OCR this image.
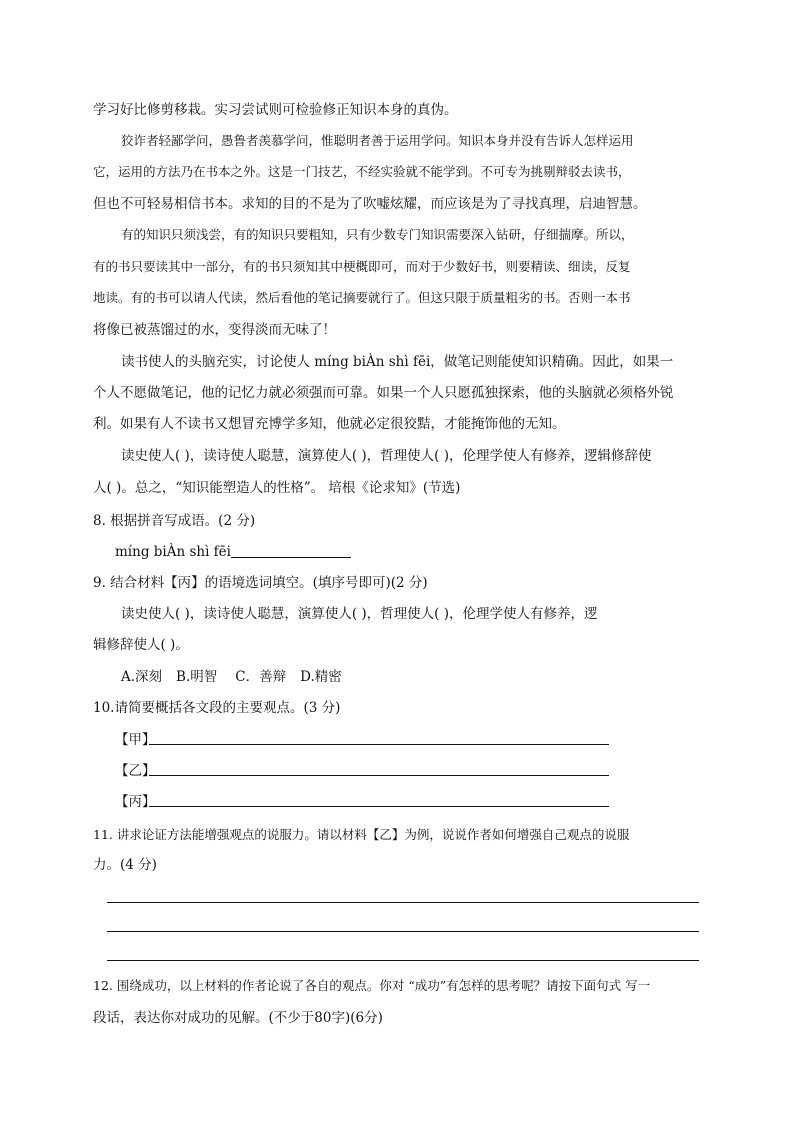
学习好比修剪移栽。实习尝试则可检验修正知识本身的真伪。
狡诈者轻鄙学问，愚鲁者羡慕学问，惟聪明者善于运用学问。知识本身并没有告诉人怎样运用
它，运用的方法乃在书本之外。这是一门技艺，不经实验就不能学到。不可专为挑剔辩驳去读书，
但也不可轻易相信书本。求知的目的不是为了吹嘘炫耀，而应该是为了寻找真理，启迪智慧。
有的知识只须浅尝，有的知识只要粗知，只有少数专门知识需要深入钻研，仔细揣摩。所以，
有的书只要读其中一部分，有的书只须知其中梗概即可，而对于少数好书，则要精读、细读，反复
地读。有的书可以请人代读，然后看他的笔记摘要就行了。但这只限于质量粗劣的书。否则一本书
将像已被蒸馏过的水，变得淡而无味了！
读书使人的头脑充实，讨论使人 míng biÀn shì fēi，做笔记则能使知识精确。因此，如果一
个人不愿做笔记，他的记忆力就必须强而可靠。如果一个人只愿孤独探索，他的头脑就必须格外锐
利。如果有人不读书又想冒充博学多知，他就必定很狡黠，才能掩饰他的无知。
读史使人( )，读诗使人聪慧，演算使人( )，哲理使人( )，伦理学使人有修养，逻辑修辞使
人( )。总之，“知识能塑造人的性格”。 培根《论求知》(节选)
8. 根据拼音写成语。(2 分)
míng biÀn shì fēi
9. 结合材料【丙】的语境选词填空。(填序号即可)(2 分)
读史使人( )，读诗使人聪慧，演算使人( )，哲理使人( )，伦理学使人有修养，逻
辑修辞使人( )。
A.深刻 B.明智 C．善辩 D.精密
10.请简要概括各文段的主要观点。(3 分)
【甲】
【乙】
【丙】
11. 讲求论证方法能增强观点的说服力。请以材料【乙】为例，说说作者如何增强自己观点的说服
力。(4 分)
12. 围绕成功，以上材料的作者论说了各自的观点。你对 “成功”有怎样的思考呢？请按下面句式 写一
段话，表达你对成功的见解。(不少于80字)(6分)
